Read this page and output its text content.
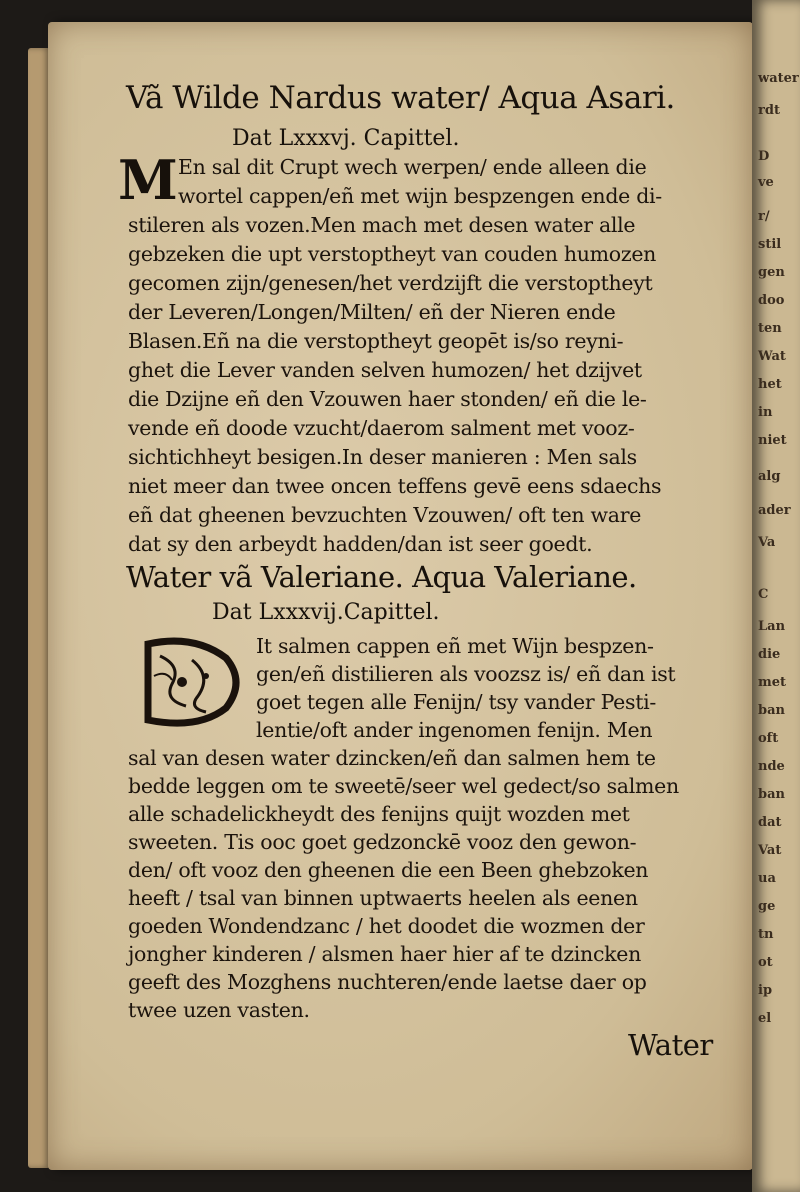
water
rdt
D
ve
r/
stil
gen
doo
ten
Wat
het
in
niet
alg
ader
Va
C
Lan
die
met
ban
oft
nde
ban
dat
Vat
ua
ge
tn
ot
ip
el
Vã Wilde Nardus water/ Aqua Asari.
Dat Lxxxvj. Capittel.
M En sal dit Crupt wech werpen/ ende alleen die
wortel cappen/eñ met wijn bespzengen ende di-
stileren als vozen.Men mach met desen water alle
gebzeken die upt verstoptheyt van couden humozen
gecomen zijn/genesen/het verdzijft die verstoptheyt
der Leveren/Longen/Milten/ eñ der Nieren ende
Blasen.Eñ na die verstoptheyt geopēt is/so reyni-
ghet die Lever vanden selven humozen/ het dzijvet
die Dzijne eñ den Vzouwen haer stonden/ eñ die le-
vende eñ doode vzucht/daerom salment met vooz-
sichtichheyt besigen.In deser manieren : Men sals
niet meer dan twee oncen teffens gevē eens sdaechs
eñ dat gheenen bevzuchten Vzouwen/ oft ten ware
dat sy den arbeydt hadden/dan ist seer goedt.
Water vã Valeriane. Aqua Valeriane.
Dat Lxxxvij.Capittel.
It salmen cappen eñ met Wijn bespzen-
gen/eñ distilieren als voozsz is/ eñ dan ist
goet tegen alle Fenijn/ tsy vander Pesti-
lentie/oft ander ingenomen fenijn. Men
sal van desen water dzincken/eñ dan salmen hem te
bedde leggen om te sweetē/seer wel gedect/so salmen
alle schadelickheydt des fenijns quijt wozden met
sweeten. Tis ooc goet gedzonckē vooz den gewon-
den/ oft vooz den gheenen die een Been ghebzoken
heeft / tsal van binnen uptwaerts heelen als eenen
goeden Wondendzanc / het doodet die wozmen der
jongher kinderen / alsmen haer hier af te dzincken
geeft des Mozghens nuchteren/ende laetse daer op
twee uzen vasten.
Water
